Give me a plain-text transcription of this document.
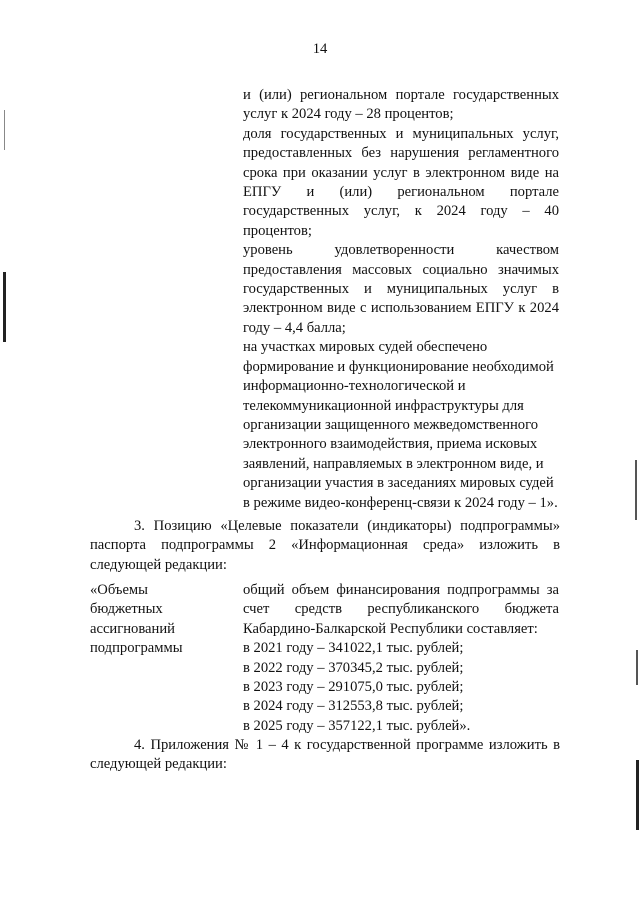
14

и (или) региональном портале государственных услуг к 2024 году – 28 процентов;

доля государственных и муниципальных услуг, предоставленных без нарушения регламентного срока при оказании услуг в электронном виде на ЕПГУ и (или) региональном портале государственных услуг, к 2024 году – 40 процентов;

уровень удовлетворенности качеством предоставления массовых социально значимых государственных и муниципальных услуг в электронном виде с использованием ЕПГУ к 2024 году – 4,4 балла;

на участках мировых судей обеспечено формирование и функционирование необходимой информационно-технологической и телекоммуникационной инфраструктуры для организации защищенного межведомственного электронного взаимодействия, приема исковых заявлений, направляемых в электронном виде, и организации участия в заседаниях мировых судей в режиме видео-конференц-связи к 2024 году – 1».

3. Позицию «Целевые показатели (индикаторы) подпрограммы» паспорта подпрограммы 2 «Информационная среда» изложить в следующей редакции:

«Объемы
бюджетных
ассигнований
подпрограммы

общий объем финансирования подпрограммы за счет средств республиканского бюджета Кабардино-Балкарской Республики составляет:

в 2021 году – 341022,1 тыс. рублей;
в 2022 году – 370345,2 тыс. рублей;
в 2023 году – 291075,0 тыс. рублей;
в 2024 году – 312553,8 тыс. рублей;
в 2025 году – 357122,1 тыс. рублей».

4. Приложения № 1 – 4 к государственной программе изложить в следующей редакции:
